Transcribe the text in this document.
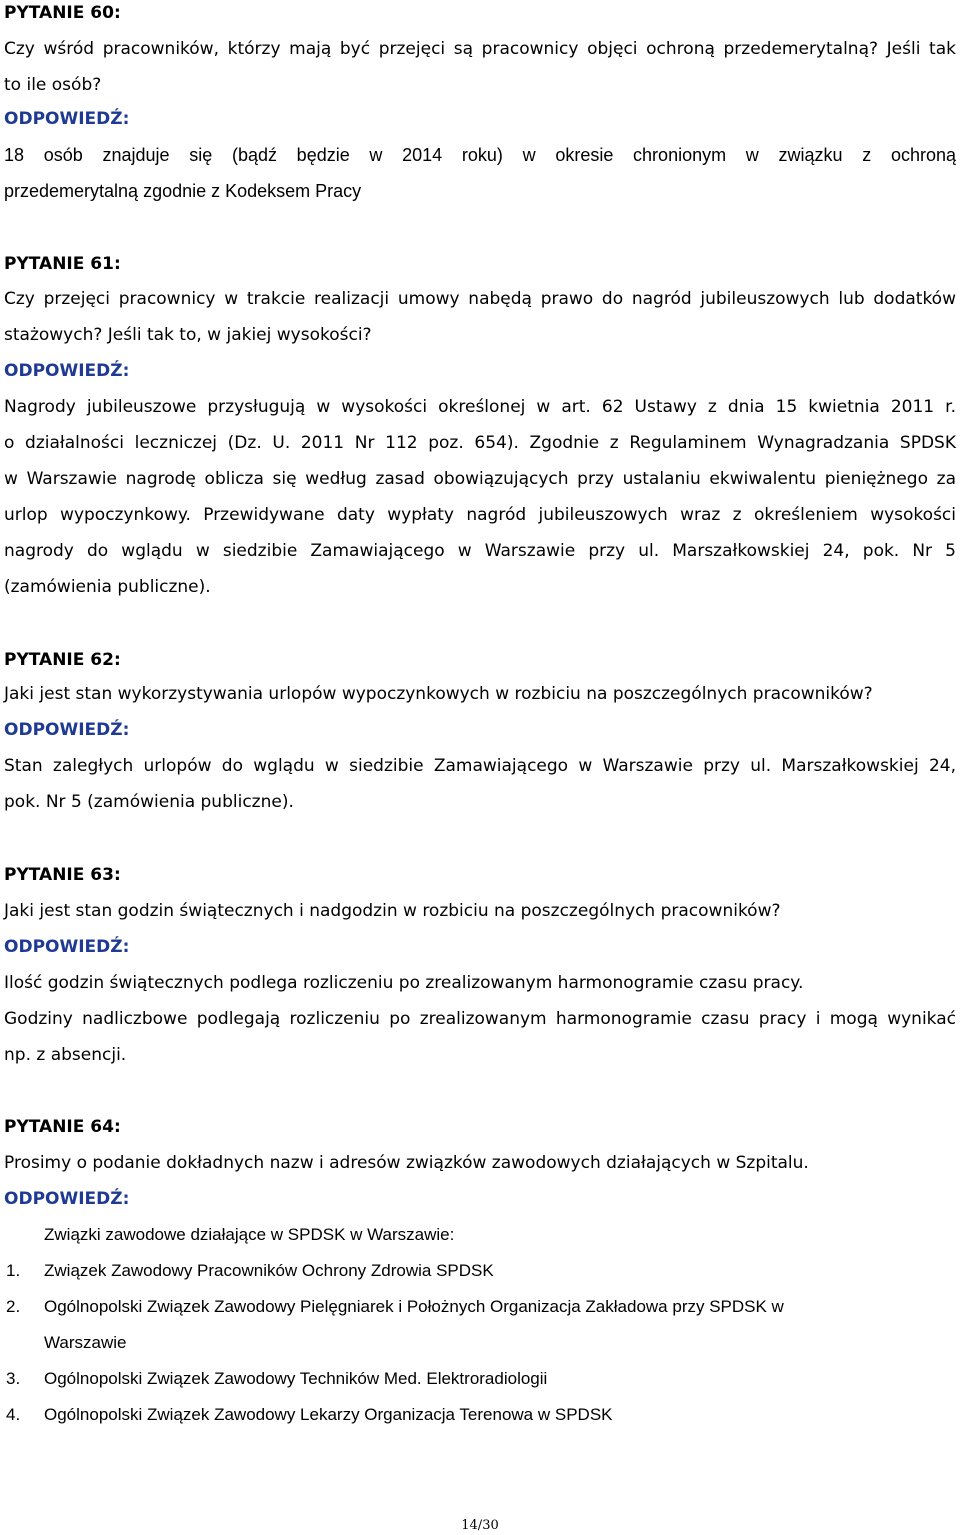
PYTANIE 60:
Czy wśród pracowników, którzy mają być przejęci są pracownicy objęci ochroną przedemerytalną? Jeśli tak
to ile osób?
ODPOWIEDŹ:
18 osób znajduje się (bądź będzie w 2014 roku) w okresie chronionym w związku z ochroną
przedemerytalną zgodnie z Kodeksem Pracy
PYTANIE 61:
Czy przejęci pracownicy w trakcie realizacji umowy nabędą prawo do nagród jubileuszowych lub dodatków
stażowych? Jeśli tak to, w jakiej wysokości?
ODPOWIEDŹ:
Nagrody jubileuszowe przysługują w wysokości określonej w art. 62 Ustawy z dnia 15 kwietnia 2011 r.
o działalności leczniczej (Dz. U. 2011 Nr 112 poz. 654). Zgodnie z Regulaminem Wynagradzania SPDSK
w Warszawie nagrodę oblicza się według zasad obowiązujących przy ustalaniu ekwiwalentu pieniężnego za
urlop wypoczynkowy. Przewidywane daty wypłaty nagród jubileuszowych wraz z określeniem wysokości
nagrody do wglądu w siedzibie Zamawiającego w Warszawie przy ul. Marszałkowskiej 24, pok. Nr 5
(zamówienia publiczne).
PYTANIE 62:
Jaki jest stan wykorzystywania urlopów wypoczynkowych w rozbiciu na poszczególnych pracowników?
ODPOWIEDŹ:
Stan zaległych urlopów do wglądu w siedzibie Zamawiającego w Warszawie przy ul. Marszałkowskiej 24,
pok. Nr 5 (zamówienia publiczne).
PYTANIE 63:
Jaki jest stan godzin świątecznych i nadgodzin w rozbiciu na poszczególnych pracowników?
ODPOWIEDŹ:
Ilość godzin świątecznych podlega rozliczeniu po zrealizowanym harmonogramie czasu pracy.
Godziny nadliczbowe podlegają rozliczeniu po zrealizowanym harmonogramie czasu pracy i mogą wynikać
np. z absencji.
PYTANIE 64:
Prosimy o podanie dokładnych nazw i adresów związków zawodowych działających w Szpitalu.
ODPOWIEDŹ:
Związki zawodowe działające w SPDSK w Warszawie:
1. Związek Zawodowy Pracowników Ochrony Zdrowia SPDSK
2. Ogólnopolski Związek Zawodowy Pielęgniarek i Położnych Organizacja Zakładowa przy SPDSK w
Warszawie
3. Ogólnopolski Związek Zawodowy Techników Med. Elektroradiologii
4. Ogólnopolski Związek Zawodowy Lekarzy Organizacja Terenowa w SPDSK
14/30
